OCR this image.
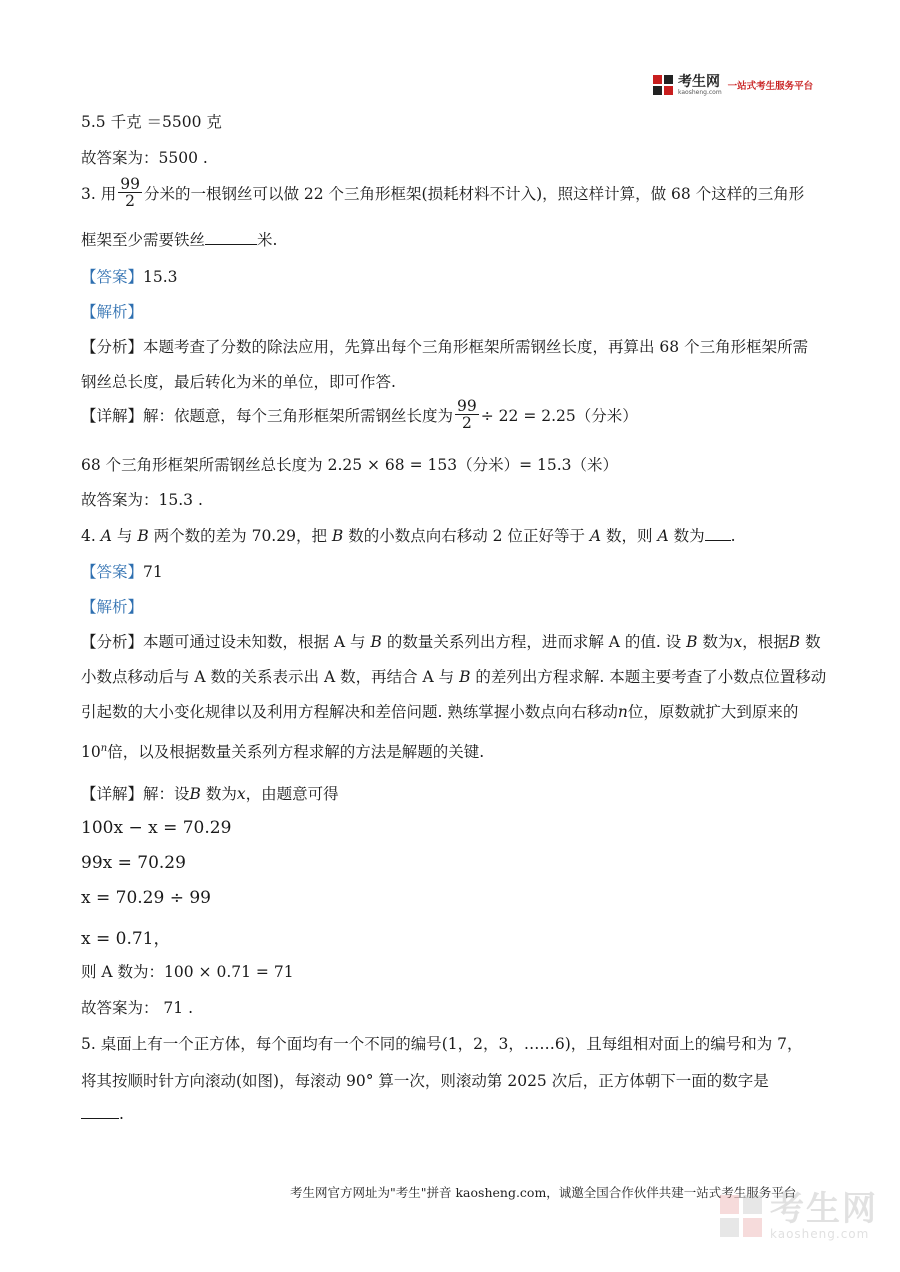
考生网
kaosheng.com 一站式考生服务平台
5.5 千克 ＝5500 克
故答案为：5500 .
3. 用 $\frac{99}{2}$ 分米的一根钢丝可以做 22 个三角形框架(损耗材料不计入)，照这样计算，做 68 个这样的三角形
框架至少需要铁丝	米.
【答案】15.3
【解析】
【分析】本题考查了分数的除法应用，先算出每个三角形框架所需钢丝长度，再算出 68 个三角形框架所需
钢丝总长度，最后转化为米的单位，即可作答.
【详解】解：依题意，每个三角形框架所需钢丝长度为 $\frac{99}{2} \div 22 = 2.25$（分米）
68 个三角形框架所需钢丝总长度为 2.25 × 68 = 153（分米）= 15.3（米）
故答案为：15.3 .
4. A 与 B 两个数的差为 70.29，把 B 数的小数点向右移动 2 位正好等于 A 数，则 A 数为 .
【答案】71
【解析】
【分析】本题可通过设未知数，根据 A 与 B 的数量关系列出方程，进而求解 A 的值. 设 B 数为x，根据B 数
小数点移动后与 A 数的关系表示出 A 数，再结合 A 与 B 的差列出方程求解. 本题主要考查了小数点位置移动
引起数的大小变化规律以及利用方程解决和差倍问题. 熟练掌握小数点向右移动n位，原数就扩大到原来的
10$^n$倍，以及根据数量关系列方程求解的方法是解题的关键.
【详解】解：设B 数为x，由题意可得
100x − x = 70.29
99x = 70.29
x = 70.29 ÷ 99
x = 0.71，
则 A 数为：100 × 0.71 = 71
故答案为： 71 .
5. 桌面上有一个正方体，每个面均有一个不同的编号(1，2，3，……6)，且每组相对面上的编号和为 7，
将其按顺时针方向滚动(如图)，每滚动 90° 算一次，则滚动第 2025 次后，正方体朝下一面的数字是
.
考生网官方网址为"考生"拼音 kaosheng.com，诚邀全国合作伙伴共建一站式考生服务平台
考生网
kaosheng.com
